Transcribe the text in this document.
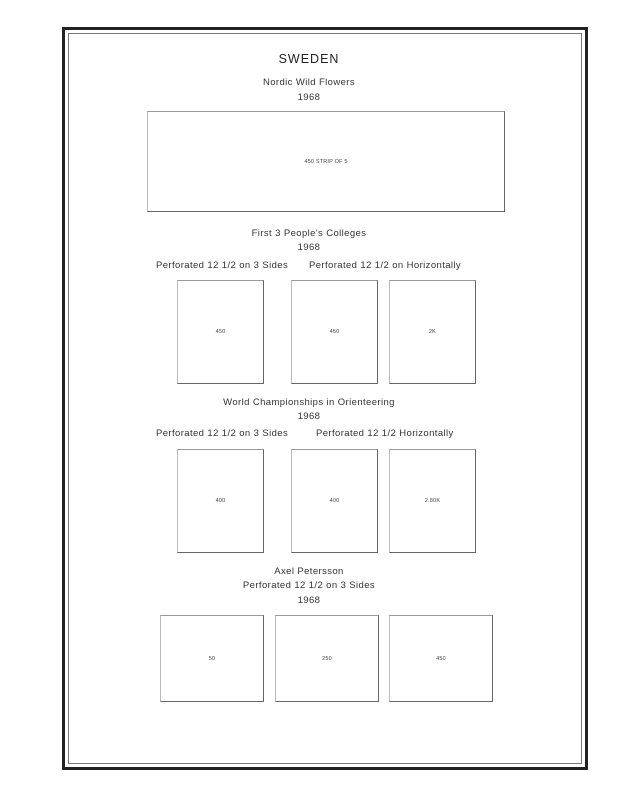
SWEDEN
Nordic Wild Flowers
1968
450 STRIP OF 5
First 3 People's Colleges
1968
Perforated 12 1/2 on 3 Sides Perforated 12 1/2 on Horizontally
450	450	2K
World Championships in Orienteering
1968
Perforated 12 1/2 on 3 Sides	Perforated 12 1/2 Horizontally
400	400	2.80K
Axel Petersson
Perforated 12 1/2 on 3 Sides
1968
50	250	450
